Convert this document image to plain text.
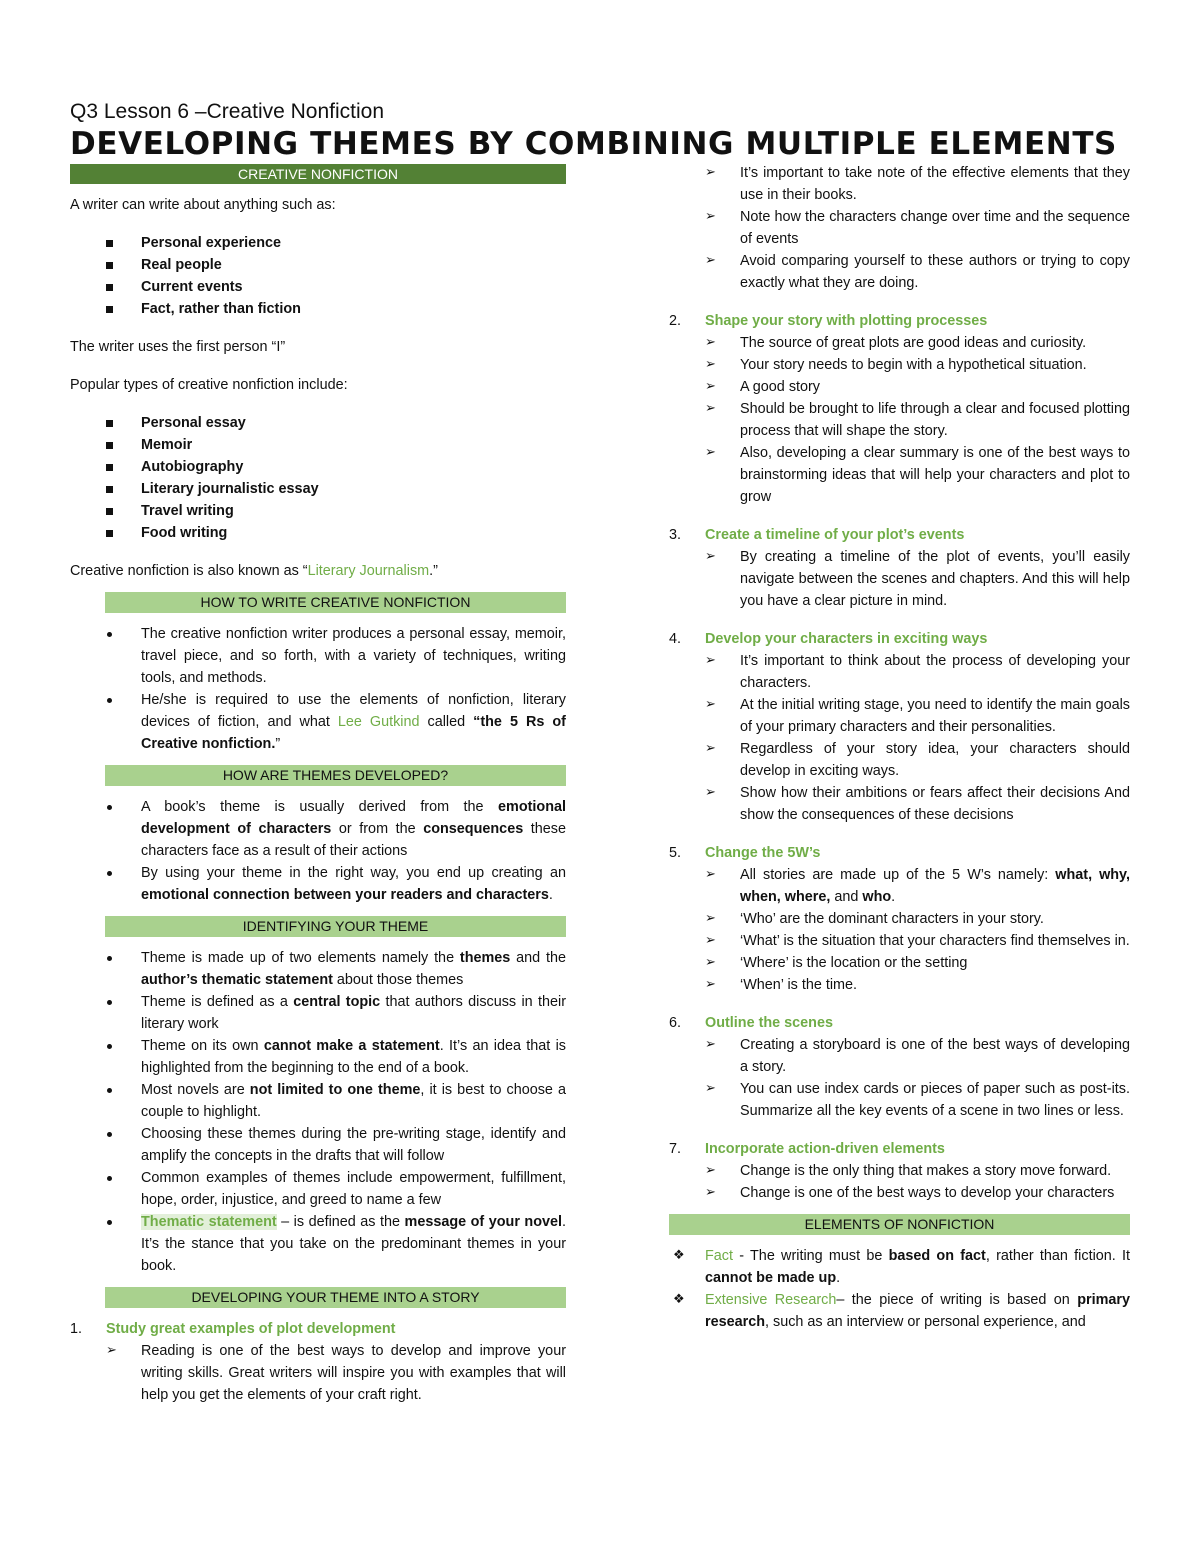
Q3 Lesson 6 –Creative Nonfiction
DEVELOPING THEMES BY COMBINING MULTIPLE ELEMENTS
CREATIVE NONFICTION

A writer can write about anything such as:

Personal experience
Real people
Current events
Fact, rather than fiction

The writer uses the first person “I”

Popular types of creative nonfiction include:

Personal essay
Memoir
Autobiography
Literary journalistic essay
Travel writing
Food writing

Creative nonfiction is also known as “Literary Journalism.”

HOW TO WRITE CREATIVE NONFICTION
The creative nonfiction writer produces a personal essay, memoir, travel piece, and so forth, with a variety of techniques, writing tools, and methods.
He/she is required to use the elements of nonfiction, literary devices of fiction, and what Lee Gutkind called “the 5 Rs of Creative nonfiction.”
HOW ARE THEMES DEVELOPED?
A book’s theme is usually derived from the emotional development of characters or from the consequences these characters face as a result of their actions
By using your theme in the right way, you end up creating an emotional connection between your readers and characters.
IDENTIFYING YOUR THEME
Theme is made up of two elements namely the themes and the author’s thematic statement about those themes
Theme is defined as a central topic that authors discuss in their literary work
Theme on its own cannot make a statement. It’s an idea that is highlighted from the beginning to the end of a book.
Most novels are not limited to one theme, it is best to choose a couple to highlight.
Choosing these themes during the pre-writing stage, identify and amplify the concepts in the drafts that will follow
Common examples of themes include empowerment, fulfillment, hope, order, injustice, and greed to name a few
Thematic statement – is defined as the message of your novel. It’s the stance that you take on the predominant themes in your book.
DEVELOPING YOUR THEME INTO A STORY
1. Study great examples of plot development
➢ Reading is one of the best ways to develop and improve your writing skills. Great writers will inspire you with examples that will help you get the elements of your craft right.
➢ It’s important to take note of the effective elements that they use in their books.
➢ Note how the characters change over time and the sequence of events
➢ Avoid comparing yourself to these authors or trying to copy exactly what they are doing.
2. Shape your story with plotting processes
➢ The source of great plots are good ideas and curiosity.
➢ Your story needs to begin with a hypothetical situation.
➢ A good story
➢ Should be brought to life through a clear and focused plotting process that will shape the story.
➢ Also, developing a clear summary is one of the best ways to brainstorming ideas that will help your characters and plot to grow
3. Create a timeline of your plot’s events
➢ By creating a timeline of the plot of events, you’ll easily navigate between the scenes and chapters. And this will help you have a clear picture in mind.
4. Develop your characters in exciting ways
➢ It’s important to think about the process of developing your characters.
➢ At the initial writing stage, you need to identify the main goals of your primary characters and their personalities.
➢ Regardless of your story idea, your characters should develop in exciting ways.
➢ Show how their ambitions or fears affect their decisions And show the consequences of these decisions
5. Change the 5W’s
➢ All stories are made up of the 5 W’s namely: what, why, when, where, and who.
➢ ‘Who’ are the dominant characters in your story.
➢ ‘What’ is the situation that your characters find themselves in.
➢ ‘Where’ is the location or the setting
➢ ‘When’ is the time.
6. Outline the scenes
➢ Creating a storyboard is one of the best ways of developing a story.
➢ You can use index cards or pieces of paper such as post-its. Summarize all the key events of a scene in two lines or less.
7. Incorporate action-driven elements
➢ Change is the only thing that makes a story move forward.
➢ Change is one of the best ways to develop your characters
ELEMENTS OF NONFICTION
❖ Fact - The writing must be based on fact, rather than fiction. It cannot be made up.
❖ Extensive Research– the piece of writing is based on primary research, such as an interview or personal experience, and
